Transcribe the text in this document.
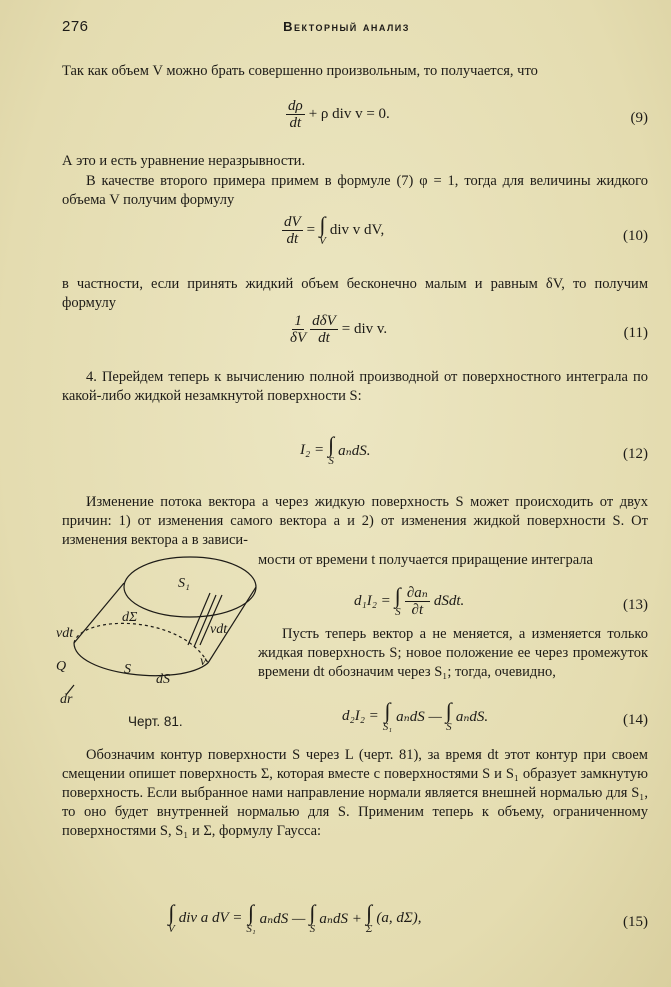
276	Векторный анализ

Так как объем V можно брать совершенно произвольным, то получается, что

$\frac{d\rho}{dt} + \rho$ div v = 0.	(9)

А это и есть уравнение неразрывности.

В качестве второго примера примем в формуле (7) φ = 1, тогда для величины жидкого объема V получим формулу

$\frac{dV}{dt}$ = ∫
V
div v dV,	(10)

в частности, если принять жидкий объем бесконечно малым и равным δV, то получим формулу

$\frac{1}{\delta V} \frac{\text{dδV}}{dt}$ = div v.	(11)

4. Перейдем теперь к вычислению полной производной от поверхностного интеграла по какой-либо жидкой незамкнутой поверхности S:

I₂ = ∫
S
aₙdS.	(12)

Изменение потока вектора a через жидкую поверхность S может происходить от двух причин: 1) от изменения самого вектора a и 2) от изменения жидкой поверхности S. От изменения вектора a в зависи-

мости от времени t получается приращение интеграла

d₁I₂ = ∫
S $\frac{\text{∂aₙ}}{\partial t}$ dSdt.	(13)

Пусть теперь вектор a не меняется, а изменяется только жидкая поверхность S; новое положение ее через промежуток времени dt обозначим через S₁; тогда, очевидно,

d₂I₂ = ∫
S₁
aₙdS — ∫
S
aₙdS.	(14)
S₁
dΣ
νdt	νdt
Q	S
dS
ν
dr
Черт. 81.

Обозначим контур поверхности S через L (черт. 81), за время dt этот контур при своем смещении опишет поверхность Σ, которая вместе с поверхностями S и S₁ образует замкнутую поверхность. Если выбранное нами направление нормали является внешней нормалью для S₁, то оно будет внутренней нормалью для S. Применим теперь к объему, ограниченному поверхностями S, S₁ и Σ, формулу Гаусса:

∫
V
div a dV = ∫
S₁
aₙdS — ∫
S
aₙdS + ∫
Σ
(a, dΣ),	(15)
